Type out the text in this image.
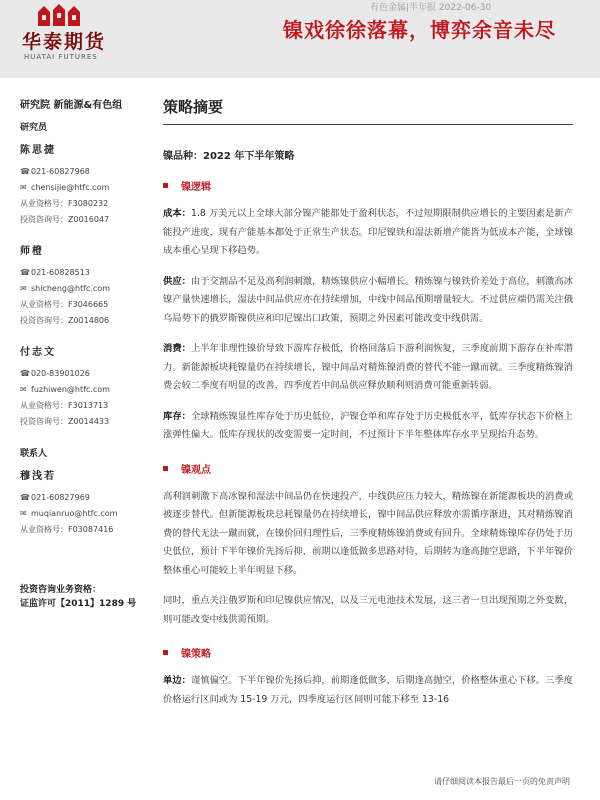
华泰期货
HUATAI FUTURES
有色金属|半年报 2022-06-30
镍戏徐徐落幕，博弈余音未尽
研究院 新能源&有色组
研究员
陈思捷
☎021-60827968
✉ chensijie@htfc.com
从业资格号：F3080232
投资咨询号：Z0016047
师橙
☎021-60828513
✉ shicheng@htfc.com
从业资格号：F3046665
投资咨询号：Z0014806
付志文
☎020-83901026
✉ fuzhiwen@htfc.com
从业资格号：F3013713
投资咨询号：Z0014433
联系人
穆浅若
☎021-60827969
✉ muqianruo@htfc.com
从业资格号：F03087416
投资咨询业务资格：
证监许可【2011】1289 号
策略摘要
镍品种：2022 年下半年策略
镍逻辑

成本：1.8 万美元以上全球大部分镍产能都处于盈利状态，不过短期限制供应增长的主要因素是新产能投产进度，现有产能基本都处于正常生产状态。印尼镍铁和湿法新增产能皆为低成本产能，全球镍成本重心呈现下移趋势。

供应：由于交割品不足及高利润刺激，精炼镍供应小幅增长。精炼镍与镍铁价差处于高位，刺激高冰镍产量快速增长，湿法中间品供应亦在持续增加，中线中间品预期增量较大。不过供应端仍需关注俄乌局势下的俄罗斯镍供应和印尼镍出口政策，预期之外因素可能改变中线供需。

消费：上半年非理性镍价导致下游库存极低，价格回落后下游利润恢复，三季度前期下游存在补库潜力。新能源板块耗镍量仍在持续增长，镍中间品对精炼镍消费的替代不能一蹴而就。三季度精炼镍消费会较二季度有明显的改善，四季度若中间品供应释放顺利则消费可能重新转弱。

库存：全球精炼镍显性库存处于历史低位，沪镍仓单和库存处于历史极低水平，低库存状态下价格上涨弹性偏大。低库存现状的改变需要一定时间，不过预计下半年整体库存水平呈现抬升态势。

镍观点

高利润刺激下高冰镍和湿法中间品仍在快速投产，中线供应压力较大，精炼镍在新能源板块的消费或被逐步替代。但新能源板块总耗镍量仍在持续增长，镍中间品供应释放亦需循序渐进，其对精炼镍消费的替代无法一蹴而就，在镍价回归理性后，三季度精炼镍消费或有回升。全球精炼镍库存仍处于历史低位，预计下半年镍价先扬后抑，前期以逢低做多思路对待，后期转为逢高抛空思路，下半年镍价整体重心可能较上半年明显下移。

同时，重点关注俄罗斯和印尼镍供应情况，以及三元电池技术发展，这三者一旦出现预期之外变数，则可能改变中线供需预期。

镍策略

单边：谨慎偏空。下半年镍价先扬后抑，前期逢低做多，后期逢高抛空，价格整体重心下移。三季度价格运行区间或为 15-19 万元，四季度运行区间则可能下移至 13-16

请仔细阅读本报告最后一页的免责声明
